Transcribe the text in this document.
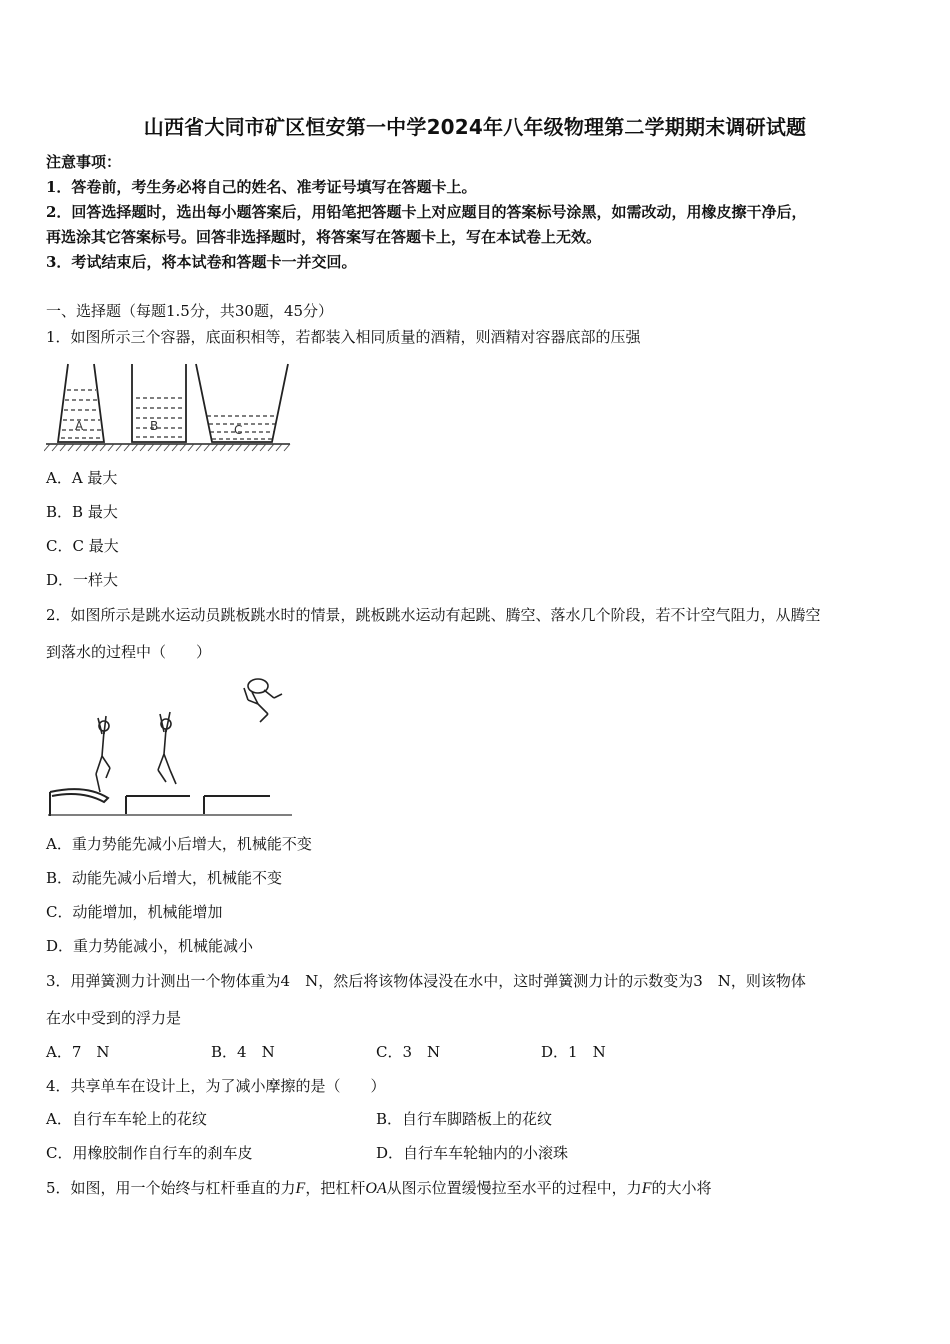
山西省大同市矿区恒安第一中学2024年八年级物理第二学期期末调研试题
注意事项：
1．答卷前，考生务必将自己的姓名、准考证号填写在答题卡上。
2．回答选择题时，选出每小题答案后，用铅笔把答题卡上对应题目的答案标号涂黑，如需改动，用橡皮擦干净后，
再选涂其它答案标号。回答非选择题时，将答案写在答题卡上，写在本试卷上无效。
3．考试结束后，将本试卷和答题卡一并交回。
一、选择题（每题1.5分，共30题，45分）
1．如图所示三个容器，底面积相等，若都装入相同质量的酒精，则酒精对容器底部的压强
A	B	C
A．A 最大
B．B 最大
C．C 最大
D．一样大
2．如图所示是跳水运动员跳板跳水时的情景，跳板跳水运动有起跳、腾空、落水几个阶段，若不计空气阻力，从腾空
到落水的过程中（　　）
A．重力势能先减小后增大，机械能不变
B．动能先减小后增大，机械能不变
C．动能增加，机械能增加
D．重力势能减小，机械能减小
3．用弹簧测力计测出一个物体重为4　N，然后将该物体浸没在水中，这时弹簧测力计的示数变为3　N，则该物体
在水中受到的浮力是
A．7　N	B．4　N	C．3　N	D．1　N
4．共享单车在设计上，为了减小摩擦的是（　　）
A．自行车车轮上的花纹	B．自行车脚踏板上的花纹
C．用橡胶制作自行车的刹车皮	D．自行车车轮轴内的小滚珠
5．如图，用一个始终与杠杆垂直的力F，把杠杆OA从图示位置缓慢拉至水平的过程中，力F的大小将
